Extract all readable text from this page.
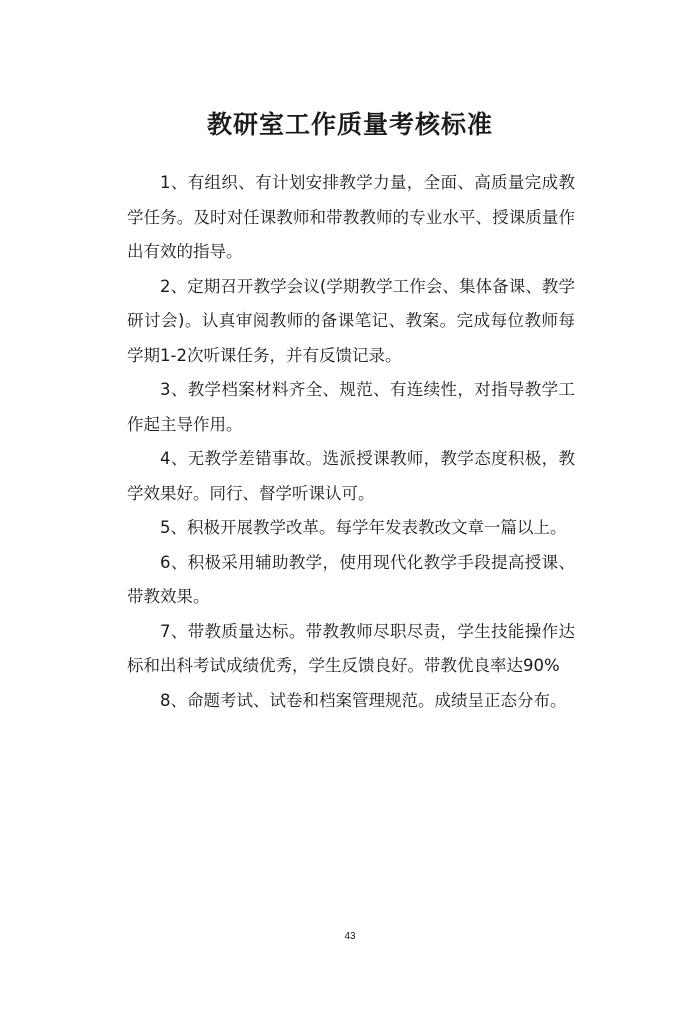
教研室工作质量考核标准

1、有组织、有计划安排教学力量，全面、高质量完成教学任务。及时对任课教师和带教教师的专业水平、授课质量作出有效的指导。

2、定期召开教学会议(学期教学工作会、集体备课、教学研讨会)。认真审阅教师的备课笔记、教案。完成每位教师每学期1-2次听课任务，并有反馈记录。

3、教学档案材料齐全、规范、有连续性，对指导教学工作起主导作用。

4、无教学差错事故。选派授课教师，教学态度积极，教学效果好。同行、督学听课认可。

5、积极开展教学改革。每学年发表教改文章一篇以上。

6、积极采用辅助教学，使用现代化教学手段提高授课、带教效果。

7、带教质量达标。带教教师尽职尽责，学生技能操作达标和出科考试成绩优秀，学生反馈良好。带教优良率达90%

8、命题考试、试卷和档案管理规范。成绩呈正态分布。

43
